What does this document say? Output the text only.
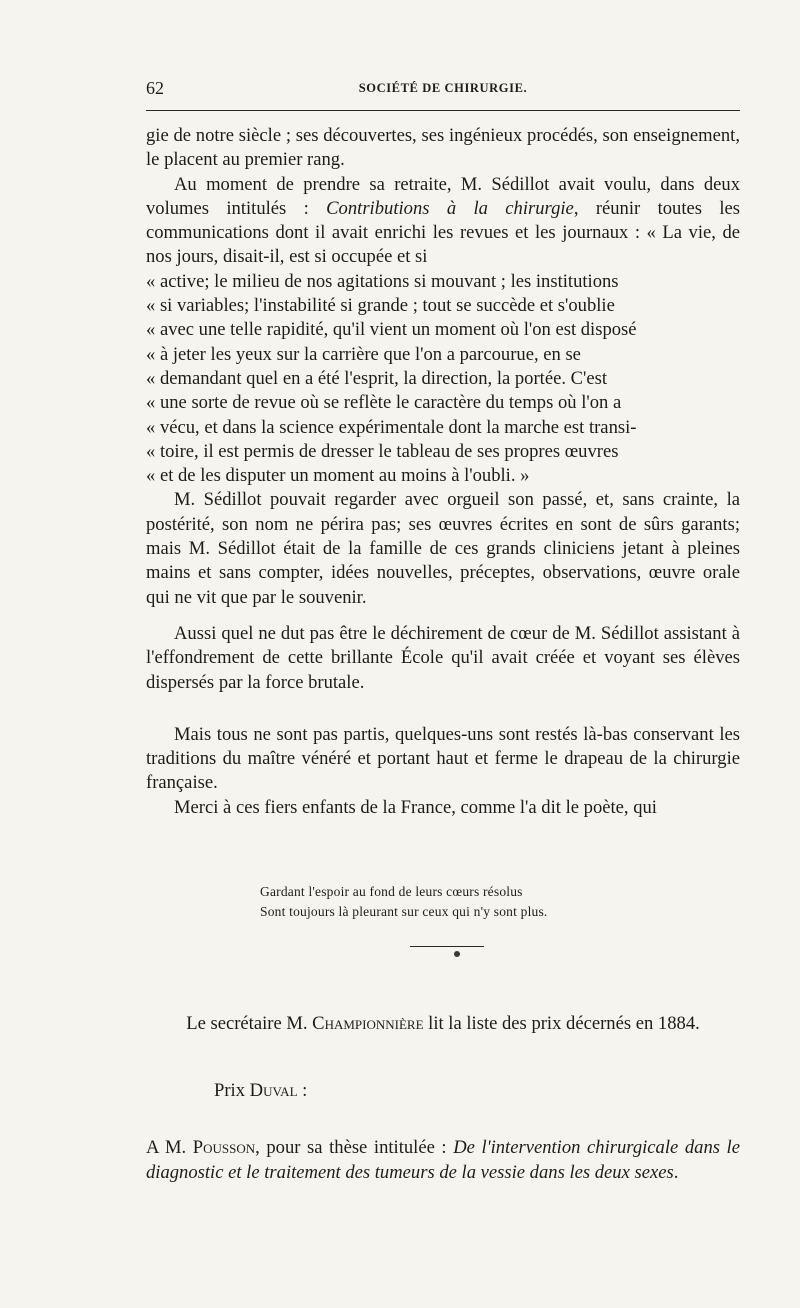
62	SOCIÉTÉ DE CHIRURGIE.

gie de notre siècle ; ses découvertes, ses ingénieux procédés, son enseignement, le placent au premier rang.

Au moment de prendre sa retraite, M. Sédillot avait voulu, dans deux volumes intitulés : Contributions à la chirurgie, réunir toutes les communications dont il avait enrichi les revues et les journaux : « La vie, de nos jours, disait-il, est si occupée et si

« active; le milieu de nos agitations si mouvant ; les institutions
« si variables; l'instabilité si grande ; tout se succède et s'oublie
« avec une telle rapidité, qu'il vient un moment où l'on est disposé
« à jeter les yeux sur la carrière que l'on a parcourue, en se
« demandant quel en a été l'esprit, la direction, la portée. C'est
« une sorte de revue où se reflète le caractère du temps où l'on a
« vécu, et dans la science expérimentale dont la marche est transi-
« toire, il est permis de dresser le tableau de ses propres œuvres
« et de les disputer un moment au moins à l'oubli. »

M. Sédillot pouvait regarder avec orgueil son passé, et, sans crainte, la postérité, son nom ne périra pas; ses œuvres écrites en sont de sûrs garants; mais M. Sédillot était de la famille de ces grands cliniciens jetant à pleines mains et sans compter, idées nouvelles, préceptes, observations, œuvre orale qui ne vit que par le souvenir.

Aussi quel ne dut pas être le déchirement de cœur de M. Sédillot assistant à l'effondrement de cette brillante École qu'il avait créée et voyant ses élèves dispersés par la force brutale.

Mais tous ne sont pas partis, quelques-uns sont restés là-bas conservant les traditions du maître vénéré et portant haut et ferme le drapeau de la chirurgie française.

Merci à ces fiers enfants de la France, comme l'a dit le poète, qui

Gardant l'espoir au fond de leurs cœurs résolus
Sont toujours là pleurant sur ceux qui n'y sont plus.
Le secrétaire M. Championnière lit la liste des prix décernés en 1884.
Prix Duval :

A M. Pousson, pour sa thèse intitulée : De l'intervention chirurgicale dans le diagnostic et le traitement des tumeurs de la vessie dans les deux sexes.
